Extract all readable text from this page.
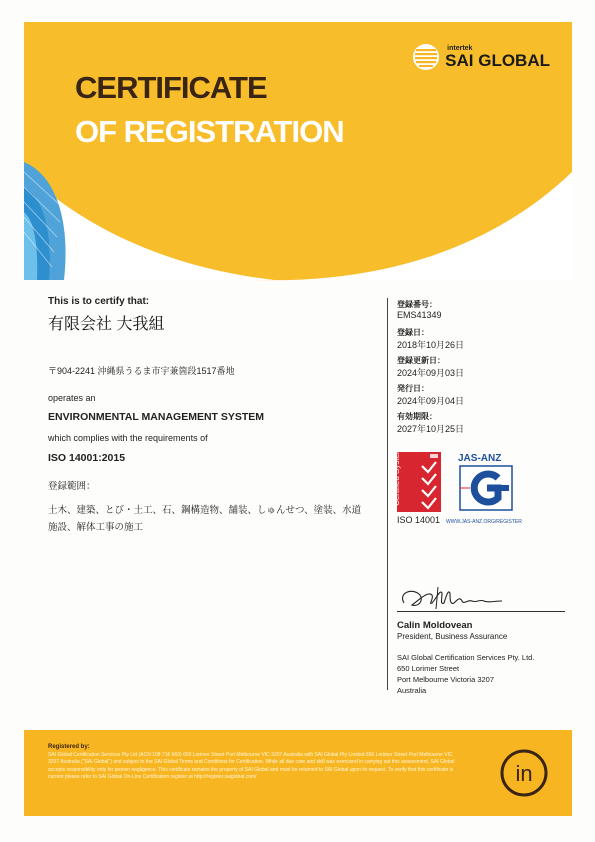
CERTIFICATE
OF REGISTRATION
intertek
SAI GLOBAL
This is to certify that:
有限会社 大我組
〒904-2241 沖縄県うるま市宇兼箇段1517番地
operates an
ENVIRONMENTAL MANAGEMENT SYSTEM
which complies with the requirements of
ISO 14001:2015
登録範囲：
土木、建築、とび・土工、石、鋼構造物、舗装、しゅんせつ、塗装、水道施設、解体工事の施工
登録番号：
EMS41349
登録日：
2018年10月26日
登録更新日：
2024年09月03日
発行日：
2024年09月04日
有効期限：
2027年10月25日
Certified System
ISO 14001
JAS-ANZ
WWW.JAS-ANZ.ORG/REGISTER
Calin Moldovean
President, Business Assurance
SAI Global Certification Services Pty. Ltd.
650 Lorimer Street
Port Melbourne Victoria 3207
Australia
Registered by:
SAI Global Certification Services Pty Ltd (ACN 108 716 669) 650 Lorimer Street Port Melbourne VIC 3207 Australia with SAI Global Pty Limited 650 Lorimer Street Port Melbourne VIC 3207 Australia ("SAI Global") and subject to the SAI Global Terms and Conditions for Certification. While all due care and skill was exercised in carrying out this assessment, SAI Global accepts responsibility only for proven negligence. This certificate remains the property of SAI Global and must be returned to SAI Global upon its request. To verify that this certificate is current please refer to SAI Global On-Line Certification register at http://register.saiglobal.com/	in
